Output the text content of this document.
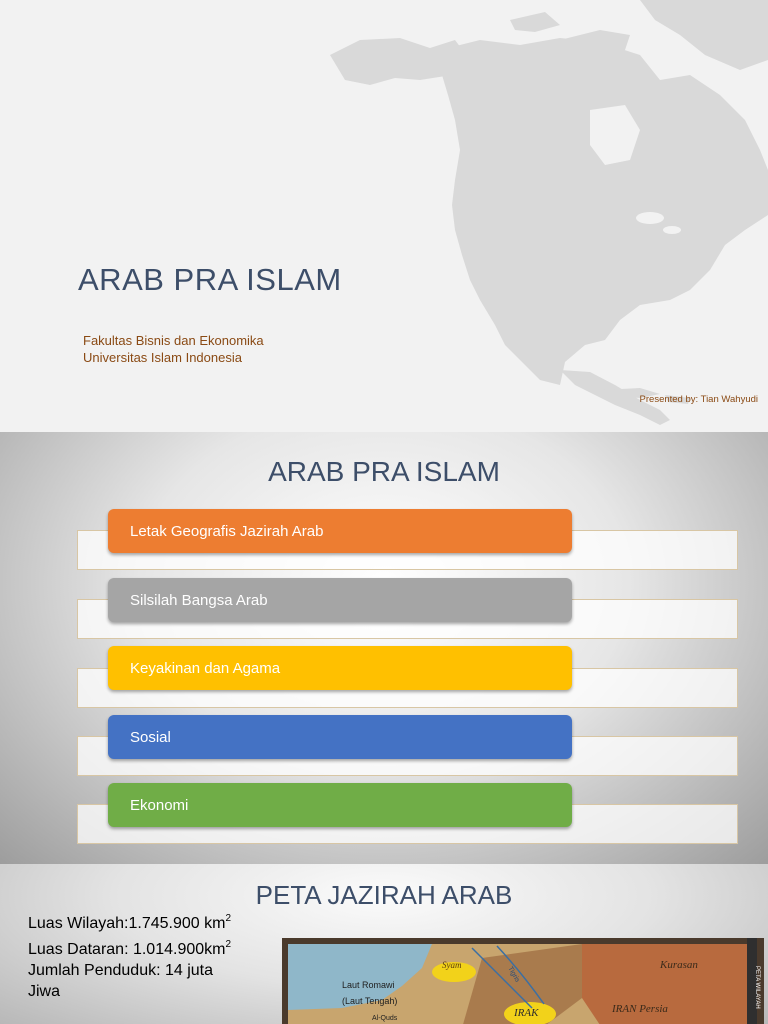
ARAB PRA ISLAM
Fakultas Bisnis dan Ekonomika
Universitas Islam Indonesia
Presented by: Tian Wahyudi
ARAB PRA ISLAM
Letak Geografis Jazirah Arab
Silsilah Bangsa Arab
Keyakinan dan Agama
Sosial
Ekonomi
PETA JAZIRAH ARAB
Luas Wilayah:1.745.900 $km^2$
Luas Dataran: $1.014.900km^2$
Jumlah Penduduk: 14 juta
Jiwa
Syam
Laut Romawi
(Laut Tengah)
Al-Quds	IRAK
Kurasan
IRAN Persia
Tigris	PETA WILAYAH
